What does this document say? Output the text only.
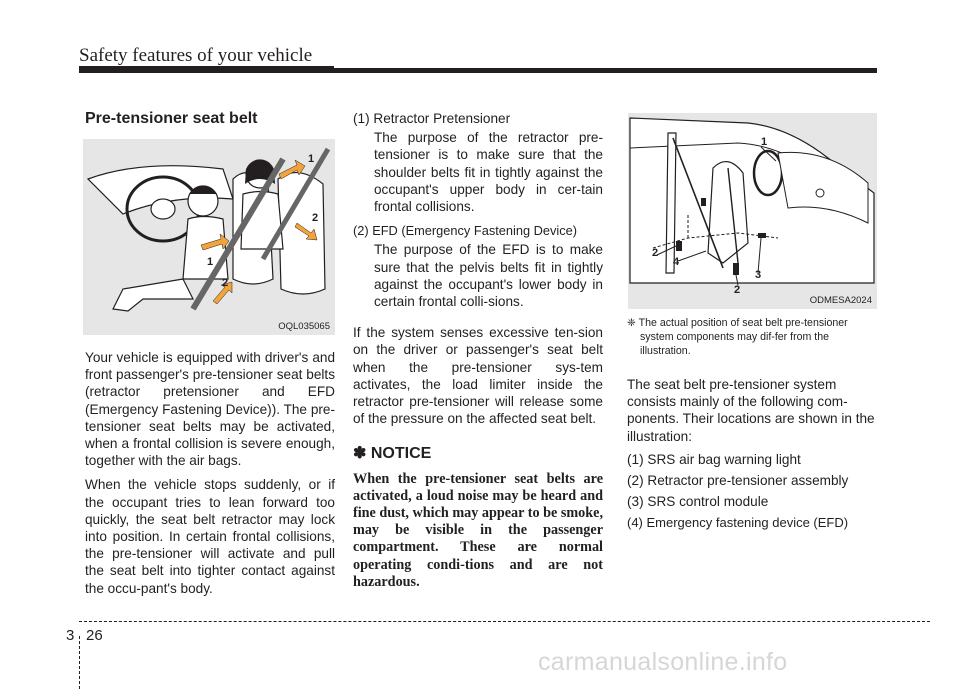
Safety features of your vehicle
Pre-tensioner seat belt
1
2
1
2
OQL035065

Your vehicle is equipped with driver's and front passenger's pre-tensioner seat belts (retractor pretensioner and EFD (Emergency Fastening Device)). The pre-tensioner seat belts may be activated, when a frontal collision is severe enough, together with the air bags.

When the vehicle stops suddenly, or if the occupant tries to lean forward too quickly, the seat belt retractor may lock into position. In certain frontal collisions, the pre-tensioner will activate and pull the seat belt into tighter contact against the occu-pant's body.

(1) Retractor Pretensioner

The purpose of the retractor pre-tensioner is to make sure that the shoulder belts fit in tightly against the occupant's upper body in cer-tain frontal collisions.

(2) EFD (Emergency Fastening Device)

The purpose of the EFD is to make sure that the pelvis belts fit in tightly against the occupant's lower body in certain frontal colli-sions.

If the system senses excessive ten-sion on the driver or passenger's seat belt when the pre-tensioner sys-tem activates, the load limiter inside the retractor pre-tensioner will release some of the pressure on the affected seat belt.

✽ NOTICE
When the pre-tensioner seat belts are activated, a loud noise may be heard and fine dust, which may appear to be smoke, may be visible in the passenger compartment. These are normal operating condi-tions and are not hazardous.
1
2
4
3
2
ODMESA2024
❈ The actual position of seat belt pre-tensioner system components may dif-fer from the illustration.
The seat belt pre-tensioner system consists mainly of the following com-ponents. Their locations are shown in the illustration:
(1) SRS air bag warning light
(2) Retractor pre-tensioner assembly
(3) SRS control module
(4) Emergency fastening device (EFD)
3 26
carmanualsonline.info
